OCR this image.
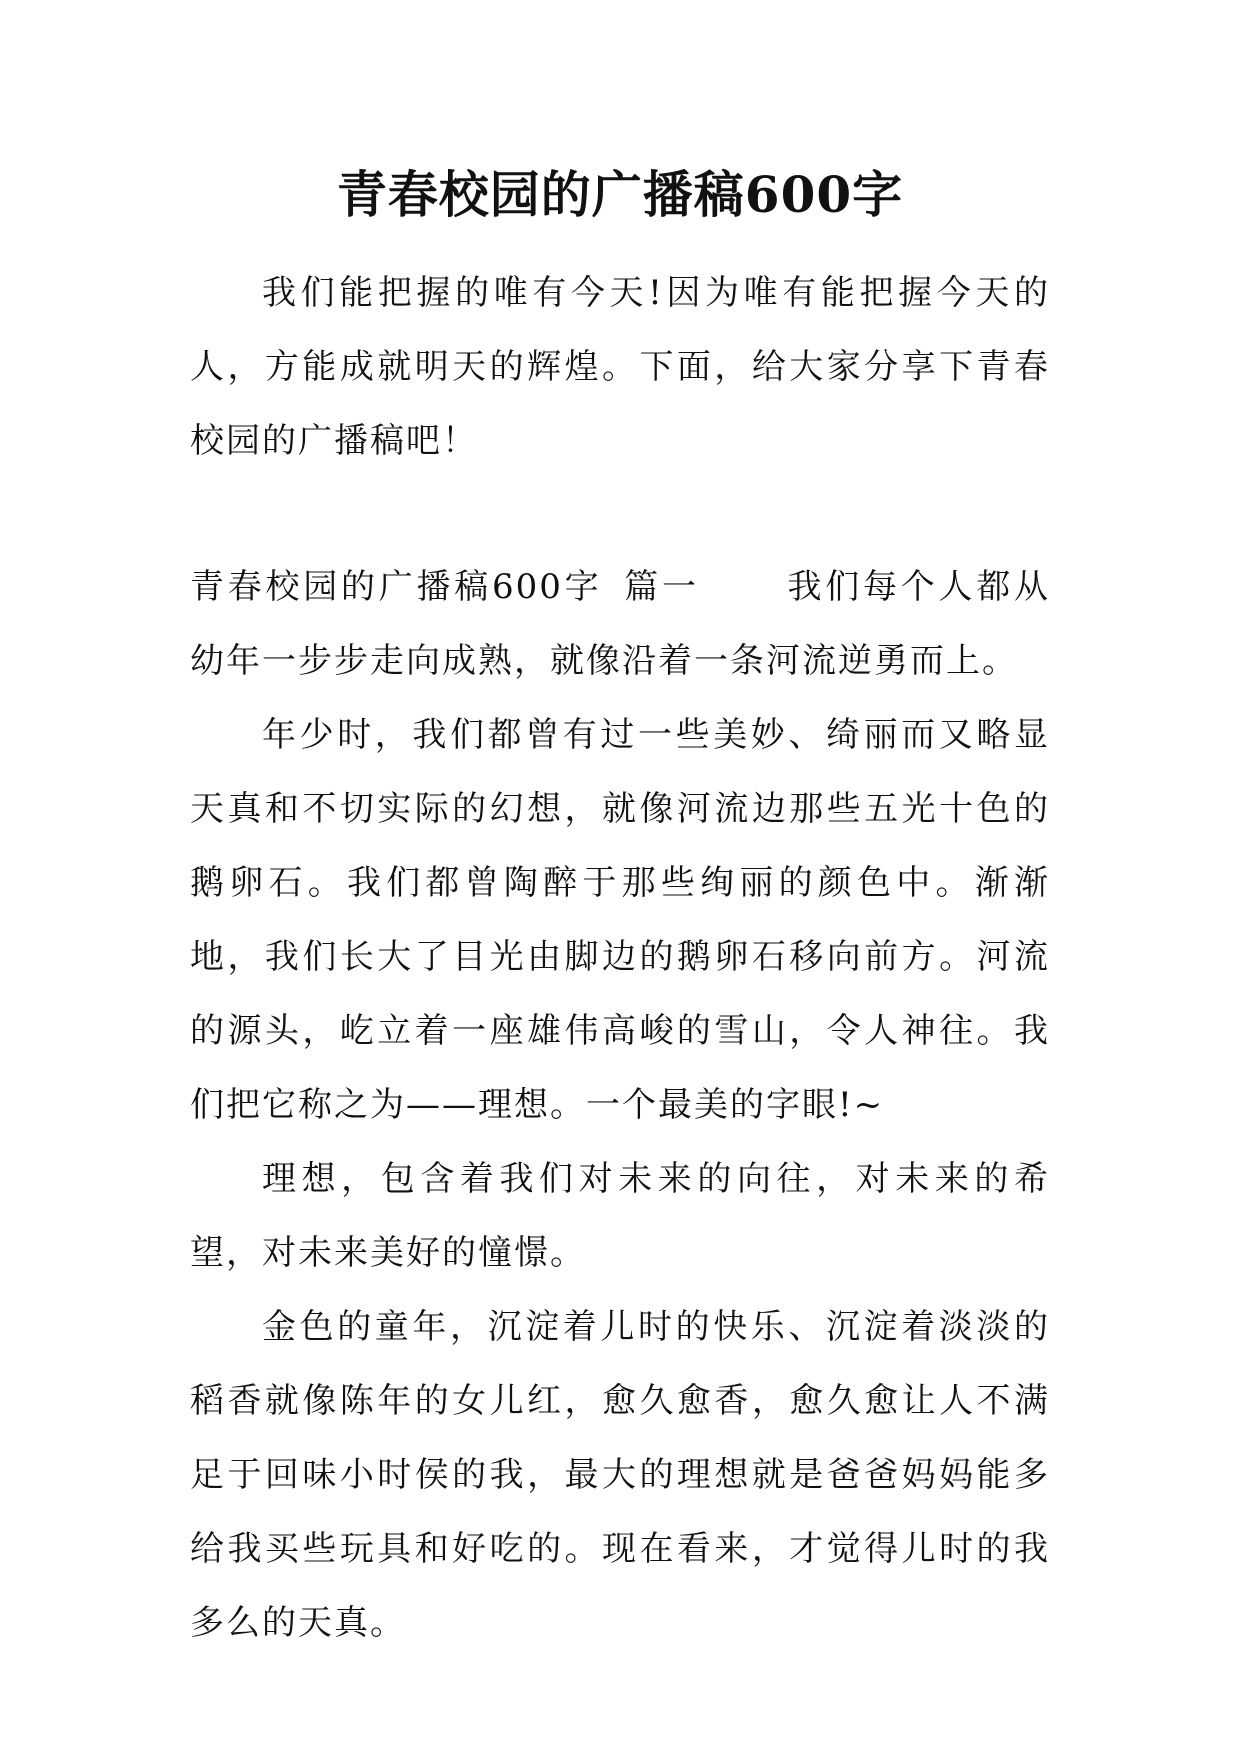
青春校园的广播稿600字

我们能把握的唯有今天!因为唯有能把握今天的人，方能成就明天的辉煌。下面，给大家分享下青春校园的广播稿吧！

青春校园的广播稿600字 篇一	我们每个人都从幼年一步步走向成熟，就像沿着一条河流逆勇而上。

年少时，我们都曾有过一些美妙、绮丽而又略显天真和不切实际的幻想，就像河流边那些五光十色的鹅卵石。我们都曾陶醉于那些绚丽的颜色中。渐渐地，我们长大了目光由脚边的鹅卵石移向前方。河流的源头，屹立着一座雄伟高峻的雪山，令人神往。我们把它称之为——理想。一个最美的字眼!~

理想，包含着我们对未来的向往，对未来的希望，对未来美好的憧憬。

金色的童年，沉淀着儿时的快乐、沉淀着淡淡的稻香就像陈年的女儿红，愈久愈香，愈久愈让人不满足于回味小时侯的我，最大的理想就是爸爸妈妈能多给我买些玩具和好吃的。现在看来，才觉得儿时的我多么的天真。
